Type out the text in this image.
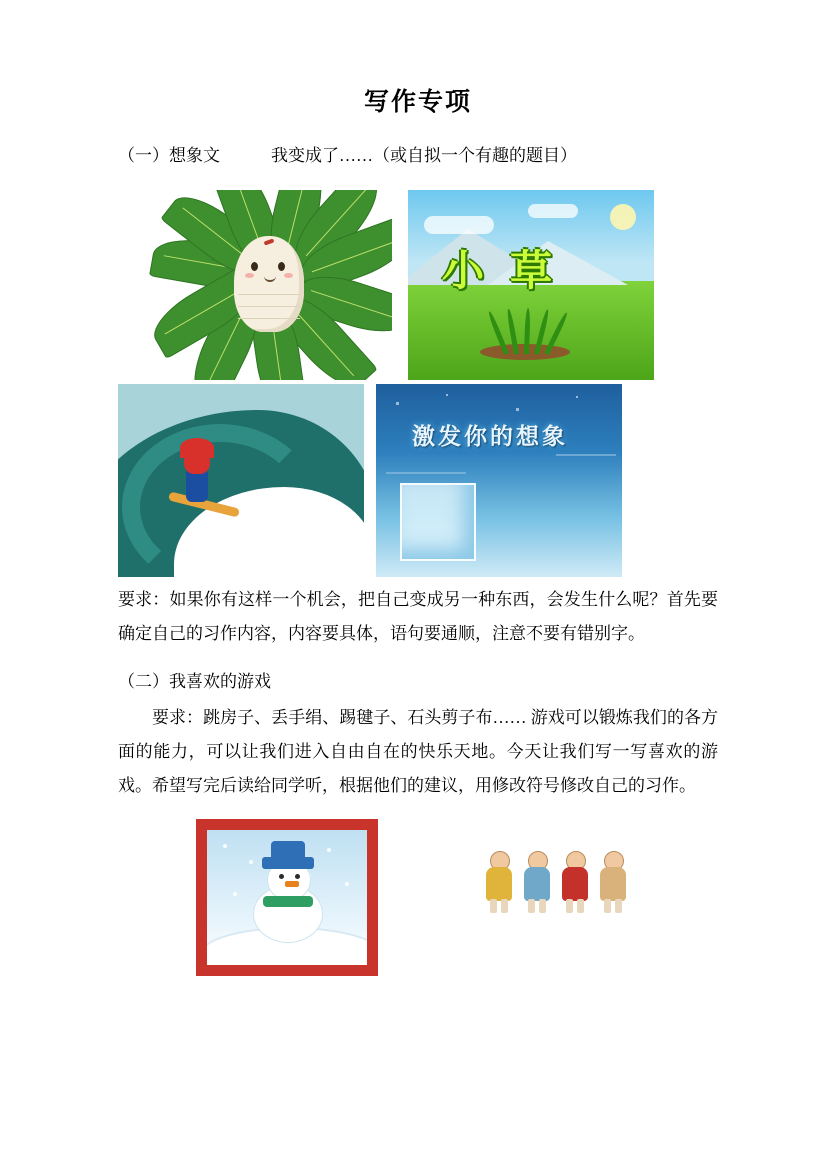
写作专项

（一）想象文　　　我变成了……（或自拟一个有趣的题目）

小草
激发你的想象

要求：如果你有这样一个机会，把自己变成另一种东西，会发生什么呢？首先要确定自己的习作内容，内容要具体，语句要通顺，注意不要有错别字。

（二）我喜欢的游戏

要求：跳房子、丢手绢、踢毽子、石头剪子布…… 游戏可以锻炼我们的各方面的能力，可以让我们进入自由自在的快乐天地。今天让我们写一写喜欢的游戏。希望写完后读给同学听，根据他们的建议，用修改符号修改自己的习作。
